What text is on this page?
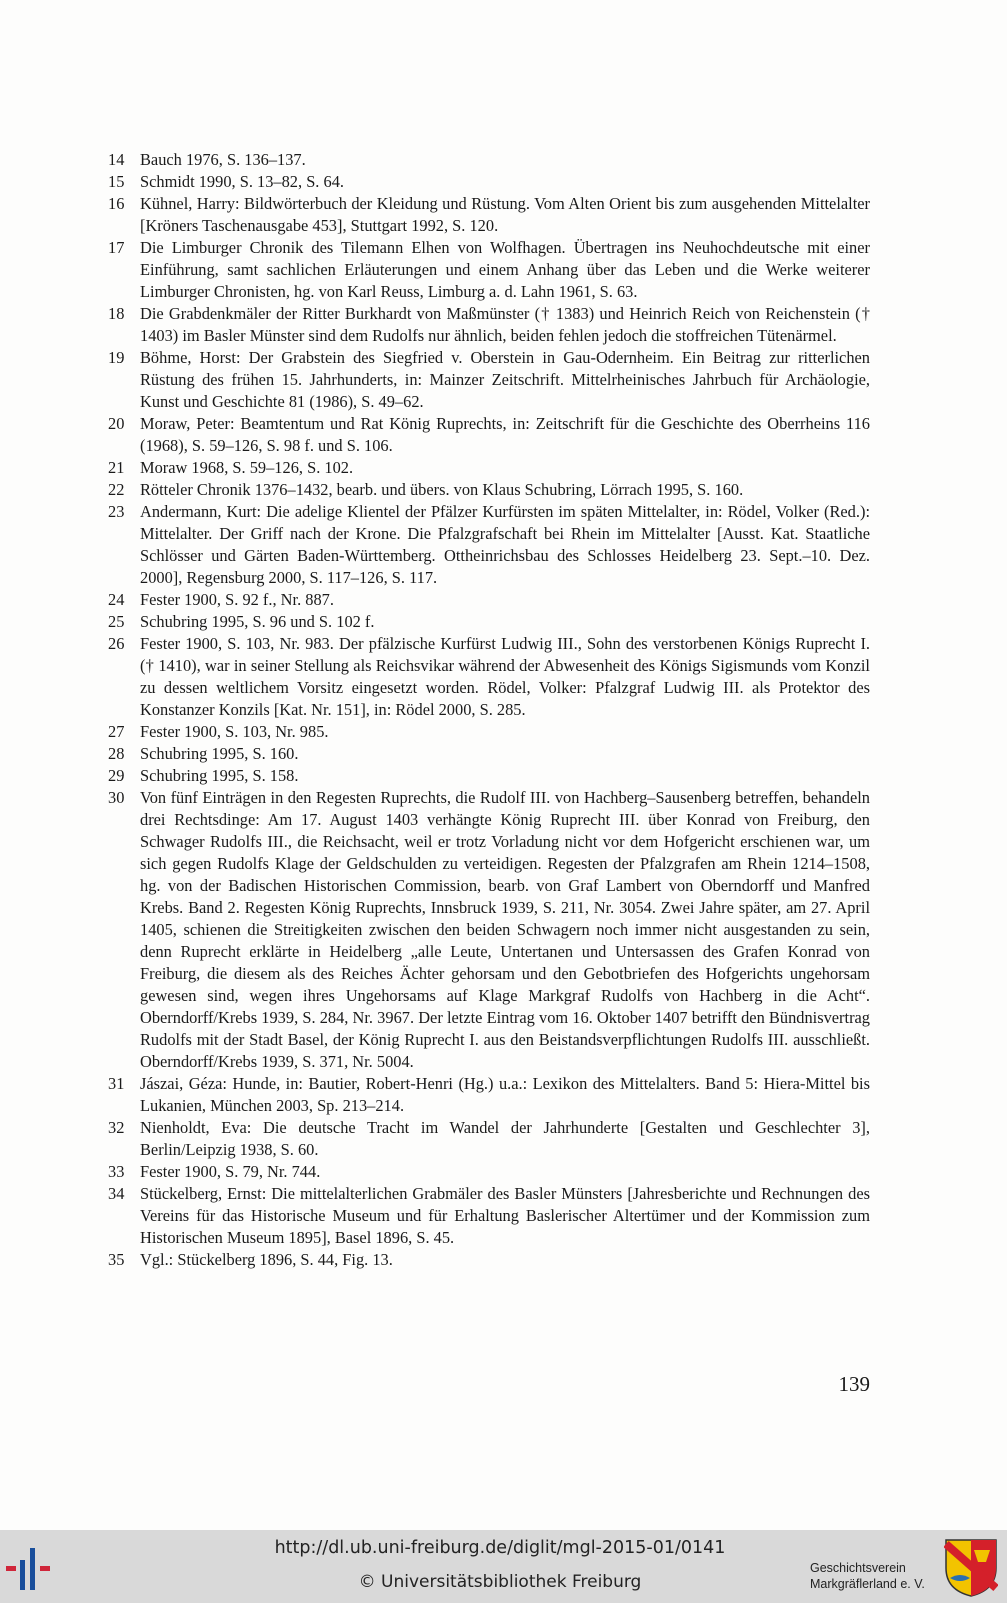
14 Bauch 1976, S. 136–137.
15 Schmidt 1990, S. 13–82, S. 64.
16 Kühnel, Harry: Bildwörterbuch der Kleidung und Rüstung. Vom Alten Orient bis zum ausgehenden Mittelalter [Kröners Taschenausgabe 453], Stuttgart 1992, S. 120.
17 Die Limburger Chronik des Tilemann Elhen von Wolfhagen. Übertragen ins Neuhochdeutsche mit einer Einführung, samt sachlichen Erläuterungen und einem Anhang über das Leben und die Werke weiterer Limburger Chronisten, hg. von Karl Reuss, Limburg a. d. Lahn 1961, S. 63.
18 Die Grabdenkmäler der Ritter Burkhardt von Maßmünster († 1383) und Heinrich Reich von Reichenstein († 1403) im Basler Münster sind dem Rudolfs nur ähnlich, beiden fehlen jedoch die stoffreichen Tütenärmel.
19 Böhme, Horst: Der Grabstein des Siegfried v. Oberstein in Gau-Odernheim. Ein Beitrag zur ritterlichen Rüstung des frühen 15. Jahrhunderts, in: Mainzer Zeitschrift. Mittelrheinisches Jahrbuch für Archäologie, Kunst und Geschichte 81 (1986), S. 49–62.
20 Moraw, Peter: Beamtentum und Rat König Ruprechts, in: Zeitschrift für die Geschichte des Oberrheins 116 (1968), S. 59–126, S. 98 f. und S. 106.
21 Moraw 1968, S. 59–126, S. 102.
22 Rötteler Chronik 1376–1432, bearb. und übers. von Klaus Schubring, Lörrach 1995, S. 160.
23 Andermann, Kurt: Die adelige Klientel der Pfälzer Kurfürsten im späten Mittelalter, in: Rödel, Volker (Red.): Mittelalter. Der Griff nach der Krone. Die Pfalzgrafschaft bei Rhein im Mittelalter [Ausst. Kat. Staatliche Schlösser und Gärten Baden-Württemberg. Ottheinrichsbau des Schlosses Heidelberg 23. Sept.–10. Dez. 2000], Regensburg 2000, S. 117–126, S. 117.
24 Fester 1900, S. 92 f., Nr. 887.
25 Schubring 1995, S. 96 und S. 102 f.
26 Fester 1900, S. 103, Nr. 983. Der pfälzische Kurfürst Ludwig III., Sohn des verstorbenen Königs Ruprecht I. († 1410), war in seiner Stellung als Reichsvikar während der Abwesenheit des Königs Sigismunds vom Konzil zu dessen weltlichem Vorsitz eingesetzt worden. Rödel, Volker: Pfalzgraf Ludwig III. als Protektor des Konstanzer Konzils [Kat. Nr. 151], in: Rödel 2000, S. 285.
27 Fester 1900, S. 103, Nr. 985.
28 Schubring 1995, S. 160.
29 Schubring 1995, S. 158.
30 Von fünf Einträgen in den Regesten Ruprechts, die Rudolf III. von Hachberg–Sausenberg betreffen, behandeln drei Rechtsdinge: Am 17. August 1403 verhängte König Ruprecht III. über Konrad von Freiburg, den Schwager Rudolfs III., die Reichsacht, weil er trotz Vorladung nicht vor dem Hofgericht erschienen war, um sich gegen Rudolfs Klage der Geldschulden zu verteidigen. Regesten der Pfalzgrafen am Rhein 1214–1508, hg. von der Badischen Historischen Commission, bearb. von Graf Lambert von Oberndorff und Manfred Krebs. Band 2. Regesten König Ruprechts, Innsbruck 1939, S. 211, Nr. 3054. Zwei Jahre später, am 27. April 1405, schienen die Streitigkeiten zwischen den beiden Schwagern noch immer nicht ausgestanden zu sein, denn Ruprecht erklärte in Heidelberg „alle Leute, Untertanen und Untersassen des Grafen Konrad von Freiburg, die diesem als des Reiches Ächter gehorsam und den Gebotbriefen des Hofgerichts ungehorsam gewesen sind, wegen ihres Ungehorsams auf Klage Markgraf Rudolfs von Hachberg in die Acht“. Oberndorff/Krebs 1939, S. 284, Nr. 3967. Der letzte Eintrag vom 16. Oktober 1407 betrifft den Bündnisvertrag Rudolfs mit der Stadt Basel, der König Ruprecht I. aus den Beistandsverpflichtungen Rudolfs III. ausschließt. Oberndorff/Krebs 1939, S. 371, Nr. 5004.
31 Jászai, Géza: Hunde, in: Bautier, Robert-Henri (Hg.) u.a.: Lexikon des Mittelalters. Band 5: Hiera-Mittel bis Lukanien, München 2003, Sp. 213–214.
32 Nienholdt, Eva: Die deutsche Tracht im Wandel der Jahrhunderte [Gestalten und Geschlechter 3], Berlin/Leipzig 1938, S. 60.
33 Fester 1900, S. 79, Nr. 744.
34 Stückelberg, Ernst: Die mittelalterlichen Grabmäler des Basler Münsters [Jahresberichte und Rechnungen des Vereins für das Historische Museum und für Erhaltung Baslerischer Altertümer und der Kommission zum Historischen Museum 1895], Basel 1896, S. 45.
35 Vgl.: Stückelberg 1896, S. 44, Fig. 13.
139
http://dl.ub.uni-freiburg.de/diglit/mgl-2015-01/0141
© Universitätsbibliothek Freiburg
Geschichtsverein
Markgräflerland e. V.
